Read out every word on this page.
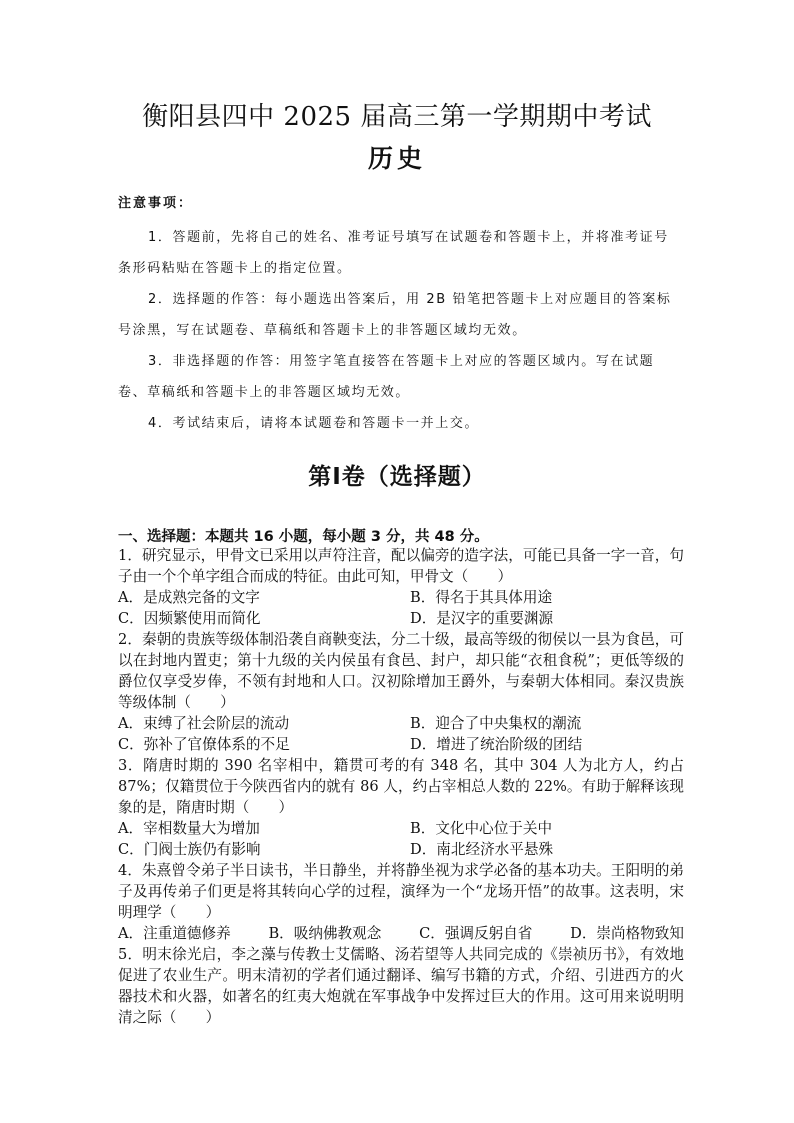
衡阳县四中 2025 届高三第一学期期中考试
历史
注意事项：
1．答题前，先将自己的姓名、准考证号填写在试题卷和答题卡上，并将准考证号条形码粘贴在答题卡上的指定位置。
2．选择题的作答：每小题选出答案后，用 2B 铅笔把答题卡上对应题目的答案标号涂黑，写在试题卷、草稿纸和答题卡上的非答题区域均无效。
3．非选择题的作答：用签字笔直接答在答题卡上对应的答题区域内。写在试题卷、草稿纸和答题卡上的非答题区域均无效。
4．考试结束后，请将本试题卷和答题卡一并上交。
第Ⅰ卷（选择题）
一、选择题：本题共 16 小题，每小题 3 分，共 48 分。

1．研究显示，甲骨文已采用以声符注音，配以偏旁的造字法，可能已具备一字一音，句子由一个个单字组合而成的特征。由此可知，甲骨文（　　）

A．是成熟完备的文字	B．得名于其具体用途
C．因频繁使用而简化	D．是汉字的重要渊源

2．秦朝的贵族等级体制沿袭自商鞅变法，分二十级，最高等级的彻侯以一县为食邑，可以在封地内置吏；第十九级的关内侯虽有食邑、封户，却只能“衣租食税”；更低等级的爵位仅享受岁俸，不领有封地和人口。汉初除增加王爵外，与秦朝大体相同。秦汉贵族等级体制（　　）

A．束缚了社会阶层的流动	B．迎合了中央集权的潮流
C．弥补了官僚体系的不足	D．增进了统治阶级的团结

3．隋唐时期的 390 名宰相中，籍贯可考的有 348 名，其中 304 人为北方人，约占 87%；仅籍贯位于今陕西省内的就有 86 人，约占宰相总人数的 22%。有助于解释该现象的是，隋唐时期（　　）

A．宰相数量大为增加	B．文化中心位于关中
C．门阀士族仍有影响	D．南北经济水平悬殊

4．朱熹曾令弟子半日读书，半日静坐，并将静坐视为求学必备的基本功夫。王阳明的弟子及再传弟子们更是将其转向心学的过程，演绎为一个“龙场开悟”的故事。这表明，宋明理学（　　）

A．注重道德修养	B．吸纳佛教观念	C．强调反躬自省	D．崇尚格物致知

5．明末徐光启，李之藻与传教士艾儒略、汤若望等人共同完成的《崇祯历书》，有效地促进了农业生产。明末清初的学者们通过翻译、编写书籍的方式，介绍、引进西方的火器技术和火器，如著名的红夷大炮就在军事战争中发挥过巨大的作用。这可用来说明明清之际（　　）
